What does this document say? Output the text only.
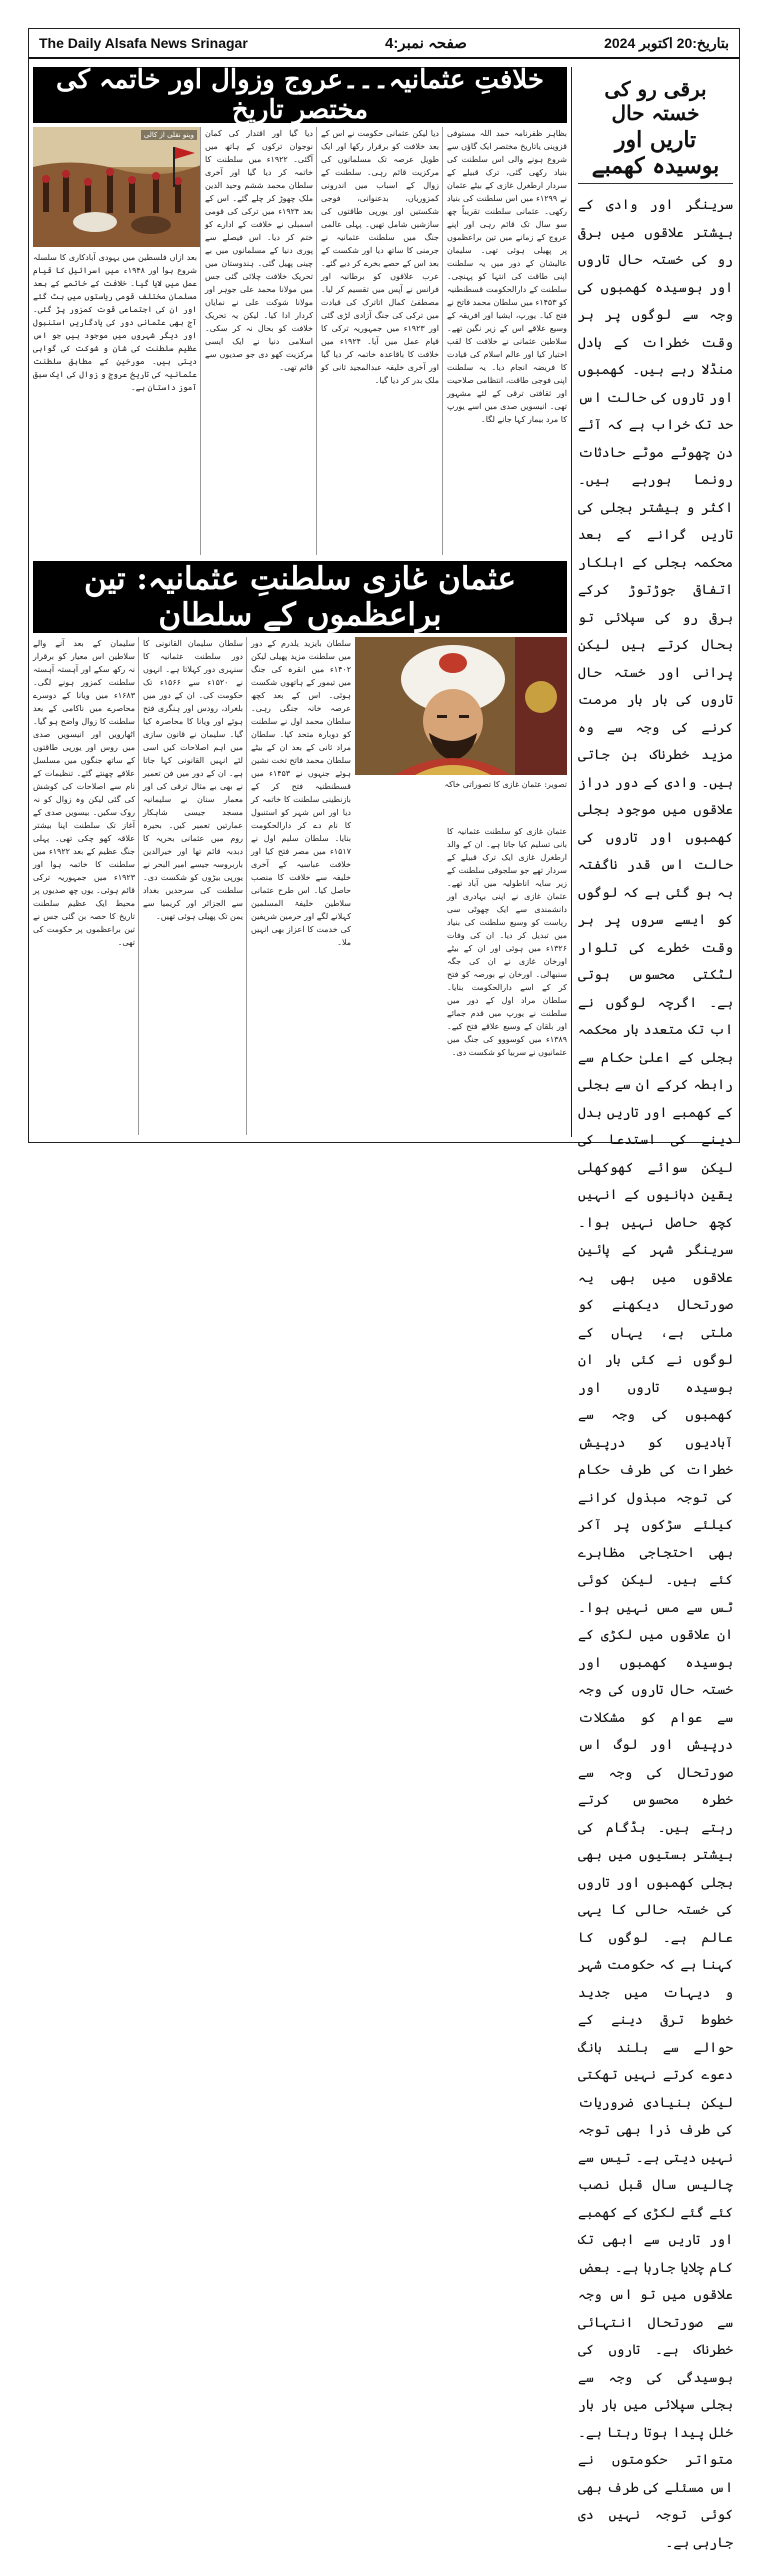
The Daily Alsafa News Srinagar	صفحہ نمبر:4	بتاریخ:20 اکتوبر 2024
برقی رو کی خستہ حال
تاریں اور بوسیدہ کھمبے
سرینگر اور وادی کے بیشتر علاقوں میں برقی رو کی خستہ حال تاروں اور بوسیدہ کھمبوں کی وجہ سے لوگوں پر ہر وقت خطرات کے بادل منڈلا رہے ہیں۔ کھمبوں اور تاروں کی حالت اس حد تک خراب ہے کہ آئے دن چھوٹے موٹے حادثات رونما ہورہے ہیں۔ اکثر و بیشتر بجلی کی تاریں گرانے کے بعد محکمہ بجلی کے اہلکار اتفاقی جوڑتوڑ کرکے برقی رو کی سپلائی تو بحال کرتے ہیں لیکن پرانی اور خستہ حال تاروں کی بار بار مرمت کرنے کی وجہ سے وہ مزید خطرناک بن جاتی ہیں۔ وادی کے دور دراز علاقوں میں موجود بجلی کھمبوں اور تاروں کی حالت اس قدر ناگفتہ بہ ہو گئی ہے کہ لوگوں کو ایسے سروں پر ہر وقت خطرے کی تلوار لٹکتی محسوس ہوتی ہے۔ اگرچہ لوگوں نے اب تک متعدد بار محکمہ بجلی کے اعلیٰ حکام سے رابطہ کرکے ان سے بجلی کے کھمبے اور تاریں بدل دینے کی استدعا کی لیکن سوائے کھوکھلی یقین دہانیوں کے انہیں کچھ حاصل نہیں ہوا۔ سرینگر شہر کے پائین علاقوں میں بھی یہ صورتحال دیکھنے کو ملتی ہے، یہاں کے لوگوں نے کئی بار ان بوسیدہ تاروں اور کھمبوں کی وجہ سے آبادیوں کو درپیش خطرات کی طرف حکام کی توجہ مبذول کرانے کیلئے سڑکوں پر آکر بھی احتجاجی مظاہرے کئے ہیں۔ لیکن کوئی ٹس سے مس نہیں ہوا۔ ان علاقوں میں لکڑی کے بوسیدہ کھمبوں اور خستہ حال تاروں کی وجہ سے عوام کو مشکلات درپیش اور لوگ اس صورتحال کی وجہ سے خطرہ محسوس کرتے رہتے ہیں۔ بڈگام کی بیشتر بستیوں میں بھی بجلی کھمبوں اور تاروں کی خستہ حالی کا یہی عالم ہے۔ لوگوں کا کہنا ہے کہ حکومت شہر و دیہات میں جدید خطوط ترقی دینے کے حوالے سے بلند بانگ دعوے کرتے نہیں تھکتی لیکن بنیادی ضروریات کی طرف ذرا بھی توجہ نہیں دیتی ہے۔ تیس سے چالیس سال قبل نصب کئے گئے لکڑی کے کھمبے اور تاریں سے ابھی تک کام چلایا جارہا ہے۔ بعض علاقوں میں تو اس وجہ سے صورتحال انتہائی خطرناک ہے۔ تاروں کی بوسیدگی کی وجہ سے بجلی سپلائی میں بار بار خلل پیدا ہوتا رہتا ہے۔ متواتر حکومتوں نے اس مسئلے کی طرف بھی کوئی توجہ نہیں دی جارہی ہے۔
خلافتِ عثمانیہ۔۔۔عروج وزوال اور خاتمہ کی مختصر تاریخ
وینو نقلی از کالی	بظاہر ظفرنامہ حمد اللہ مستوفی قزوینی یاتاریخ مختصر ایک گاؤں سے شروع ہونے والی اس سلطنت کی بنیاد رکھی گئی، ترک قبیلے کے سردار ارطغرل غازی کے بیٹے عثمان نے ۱۲۹۹ء میں اس سلطنت کی بنیاد رکھی۔ عثمانی سلطنت تقریباً چھ سو سال تک قائم رہی اور اپنے عروج کے زمانے میں تین براعظموں پر پھیلی ہوئی تھی۔ سلیمان عالیشان کے دور میں یہ سلطنت اپنی طاقت کی انتہا کو پہنچی۔ سلطنت کے دارالحکومت قسطنطنیہ کو ۱۴۵۳ء میں سلطان محمد فاتح نے فتح کیا۔ یورپ، ایشیا اور افریقہ کے وسیع علاقے اس کے زیر نگین تھے۔ سلاطین عثمانی نے خلافت کا لقب اختیار کیا اور عالم اسلام کی قیادت کا فریضہ انجام دیا۔ یہ سلطنت اپنی فوجی طاقت، انتظامی صلاحیت اور ثقافتی ترقی کے لئے مشہور تھی۔ انیسویں صدی میں اسے یورپ کا مرد بیمار کہا جانے لگا۔
دیا لیکن عثمانی حکومت نے اس کے بعد خلافت کو برقرار رکھا اور ایک طویل عرصہ تک مسلمانوں کی مرکزیت قائم رہی۔ سلطنت کے زوال کے اسباب میں اندرونی کمزوریاں، بدعنوانی، فوجی شکستیں اور یورپی طاقتوں کی سازشیں شامل تھیں۔ پہلی عالمی جنگ میں سلطنت عثمانیہ نے جرمنی کا ساتھ دیا اور شکست کے بعد اس کے حصے بخرے کر دیے گئے۔ عرب علاقوں کو برطانیہ اور فرانس نے آپس میں تقسیم کر لیا۔ مصطفیٰ کمال اتاترک کی قیادت میں ترکی کی جنگ آزادی لڑی گئی اور ۱۹۲۳ء میں جمہوریہ ترکی کا قیام عمل میں آیا۔ ۱۹۲۴ء میں خلافت کا باقاعدہ خاتمہ کر دیا گیا اور آخری خلیفہ عبدالمجید ثانی کو ملک بدر کر دیا گیا۔
دیا گیا اور اقتدار کی کمان نوجوان ترکوں کے ہاتھ میں آگئی۔ ۱۹۲۲ء میں سلطنت کا خاتمہ کر دیا گیا اور آخری سلطان محمد ششم وحید الدین ملک چھوڑ کر چلے گئے۔ اس کے بعد ۱۹۲۴ء میں ترکی کی قومی اسمبلی نے خلافت کے ادارے کو ختم کر دیا۔ اس فیصلے سے پوری دنیا کے مسلمانوں میں بے چینی پھیل گئی۔ ہندوستان میں تحریک خلافت چلائی گئی جس میں مولانا محمد علی جوہر اور مولانا شوکت علی نے نمایاں کردار ادا کیا۔ لیکن یہ تحریک خلافت کو بحال نہ کر سکی۔ اسلامی دنیا نے ایک ایسی مرکزیت کھو دی جو صدیوں سے قائم تھی۔
بعد ازاں فلسطین میں یہودی آبادکاری کا سلسلہ شروع ہوا اور ۱۹۴۸ء میں اسرائیل کا قیام عمل میں لایا گیا۔ خلافت کے خاتمے کے بعد مسلمان مختلف قومی ریاستوں میں بٹ گئے اور ان کی اجتماعی قوت کمزور پڑ گئی۔ آج بھی عثمانی دور کی یادگاریں استنبول اور دیگر شہروں میں موجود ہیں جو اس عظیم سلطنت کی شان و شوکت کی گواہی دیتی ہیں۔ مورخین کے مطابق سلطنت عثمانیہ کی تاریخ عروج و زوال کی ایک سبق آموز داستان ہے۔
عثمان غازی سلطنتِ عثمانیہ: تین براعظموں کے سلطان
تصویر: عثمان غازی کا تصوراتی خاکہ
عثمان غازی کو سلطنت عثمانیہ کا بانی تسلیم کیا جاتا ہے۔ ان کے والد ارطغرل غازی ایک ترک قبیلے کے سردار تھے جو سلجوقی سلطنت کے زیر سایہ اناطولیہ میں آباد تھے۔ عثمان غازی نے اپنی بہادری اور دانشمندی سے ایک چھوٹی سی ریاست کو وسیع سلطنت کی بنیاد میں تبدیل کر دیا۔ ان کی وفات ۱۳۲۶ء میں ہوئی اور ان کے بیٹے اورخان غازی نے ان کی جگہ سنبھالی۔ اورخان نے بورصہ کو فتح کر کے اسے دارالحکومت بنایا۔ سلطان مراد اول کے دور میں سلطنت نے یورپ میں قدم جمائے اور بلقان کے وسیع علاقے فتح کیے۔ ۱۳۸۹ء میں کوسووو کی جنگ میں عثمانیوں نے سربیا کو شکست دی۔
سلطان بایزید یلدرم کے دور میں سلطنت مزید پھیلی لیکن ۱۴۰۲ء میں انقرہ کی جنگ میں تیمور کے ہاتھوں شکست ہوئی۔ اس کے بعد کچھ عرصہ خانہ جنگی رہی۔ سلطان محمد اول نے سلطنت کو دوبارہ متحد کیا۔ سلطان مراد ثانی کے بعد ان کے بیٹے سلطان محمد فاتح تخت نشین ہوئے جنہوں نے ۱۴۵۳ء میں قسطنطنیہ فتح کر کے بازنطینی سلطنت کا خاتمہ کر دیا اور اس شہر کو استنبول کا نام دے کر دارالحکومت بنایا۔ سلطان سلیم اول نے ۱۵۱۷ء میں مصر فتح کیا اور خلافت عباسیہ کے آخری خلیفہ سے خلافت کا منصب حاصل کیا۔ اس طرح عثمانی سلاطین خلیفۃ المسلمین کہلانے لگے اور حرمین شریفین کی خدمت کا اعزاز بھی انہیں ملا۔
سلطان سلیمان القانونی کا دور سلطنت عثمانیہ کا سنہری دور کہلاتا ہے۔ انہوں نے ۱۵۲۰ء سے ۱۵۶۶ء تک حکومت کی۔ ان کے دور میں بلغراد، رودس اور ہنگری فتح ہوئے اور ویانا کا محاصرہ کیا گیا۔ سلیمان نے قانون سازی میں اہم اصلاحات کیں اسی لئے انہیں القانونی کہا جاتا ہے۔ ان کے دور میں فن تعمیر نے بھی بے مثال ترقی کی اور معمار سنان نے سلیمانیہ مسجد جیسی شاہکار عمارتیں تعمیر کیں۔ بحیرہ روم میں عثمانی بحریہ کا دبدبہ قائم تھا اور خیرالدین باربروسہ جیسے امیر البحر نے یورپی بیڑوں کو شکست دی۔ سلطنت کی سرحدیں بغداد سے الجزائر اور کریمیا سے یمن تک پھیلی ہوئی تھیں۔
سلیمان کے بعد آنے والے سلاطین اس معیار کو برقرار نہ رکھ سکے اور آہستہ آہستہ سلطنت کمزور ہونے لگی۔ ۱۶۸۳ء میں ویانا کے دوسرے محاصرے میں ناکامی کے بعد سلطنت کا زوال واضح ہو گیا۔ اٹھارویں اور انیسویں صدی میں روس اور یورپی طاقتوں کے ساتھ جنگوں میں مسلسل علاقے چھنتے گئے۔ تنظیمات کے نام سے اصلاحات کی کوشش کی گئی لیکن وہ زوال کو نہ روک سکیں۔ بیسویں صدی کے آغاز تک سلطنت اپنا بیشتر علاقہ کھو چکی تھی۔ پہلی جنگ عظیم کے بعد ۱۹۲۲ء میں سلطنت کا خاتمہ ہوا اور ۱۹۲۳ء میں جمہوریہ ترکی قائم ہوئی۔ یوں چھ صدیوں پر محیط ایک عظیم سلطنت تاریخ کا حصہ بن گئی جس نے تین براعظموں پر حکومت کی تھی۔
